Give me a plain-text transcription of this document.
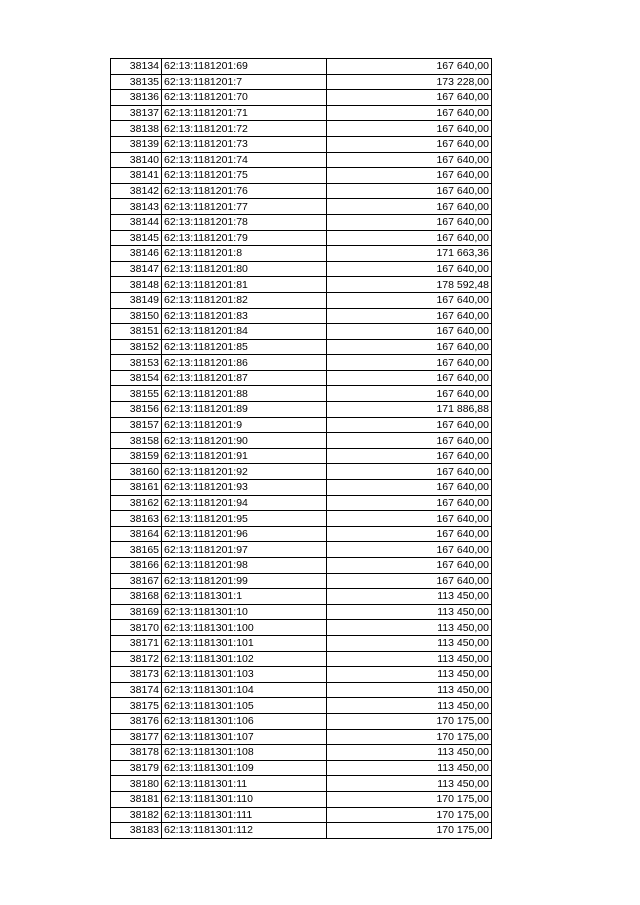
38134	62:13:1181201:69	167 640,00
38135	62:13:1181201:7	173 228,00
38136	62:13:1181201:70	167 640,00
38137	62:13:1181201:71	167 640,00
38138	62:13:1181201:72	167 640,00
38139	62:13:1181201:73	167 640,00
38140	62:13:1181201:74	167 640,00
38141	62:13:1181201:75	167 640,00
38142	62:13:1181201:76	167 640,00
38143	62:13:1181201:77	167 640,00
38144	62:13:1181201:78	167 640,00
38145	62:13:1181201:79	167 640,00
38146	62:13:1181201:8	171 663,36
38147	62:13:1181201:80	167 640,00
38148	62:13:1181201:81	178 592,48
38149	62:13:1181201:82	167 640,00
38150	62:13:1181201:83	167 640,00
38151	62:13:1181201:84	167 640,00
38152	62:13:1181201:85	167 640,00
38153	62:13:1181201:86	167 640,00
38154	62:13:1181201:87	167 640,00
38155	62:13:1181201:88	167 640,00
38156	62:13:1181201:89	171 886,88
38157	62:13:1181201:9	167 640,00
38158	62:13:1181201:90	167 640,00
38159	62:13:1181201:91	167 640,00
38160	62:13:1181201:92	167 640,00
38161	62:13:1181201:93	167 640,00
38162	62:13:1181201:94	167 640,00
38163	62:13:1181201:95	167 640,00
38164	62:13:1181201:96	167 640,00
38165	62:13:1181201:97	167 640,00
38166	62:13:1181201:98	167 640,00
38167	62:13:1181201:99	167 640,00
38168	62:13:1181301:1	113 450,00
38169	62:13:1181301:10	113 450,00
38170	62:13:1181301:100	113 450,00
38171	62:13:1181301:101	113 450,00
38172	62:13:1181301:102	113 450,00
38173	62:13:1181301:103	113 450,00
38174	62:13:1181301:104	113 450,00
38175	62:13:1181301:105	113 450,00
38176	62:13:1181301:106	170 175,00
38177	62:13:1181301:107	170 175,00
38178	62:13:1181301:108	113 450,00
38179	62:13:1181301:109	113 450,00
38180	62:13:1181301:11	113 450,00
38181	62:13:1181301:110	170 175,00
38182	62:13:1181301:111	170 175,00
38183	62:13:1181301:112	170 175,00
